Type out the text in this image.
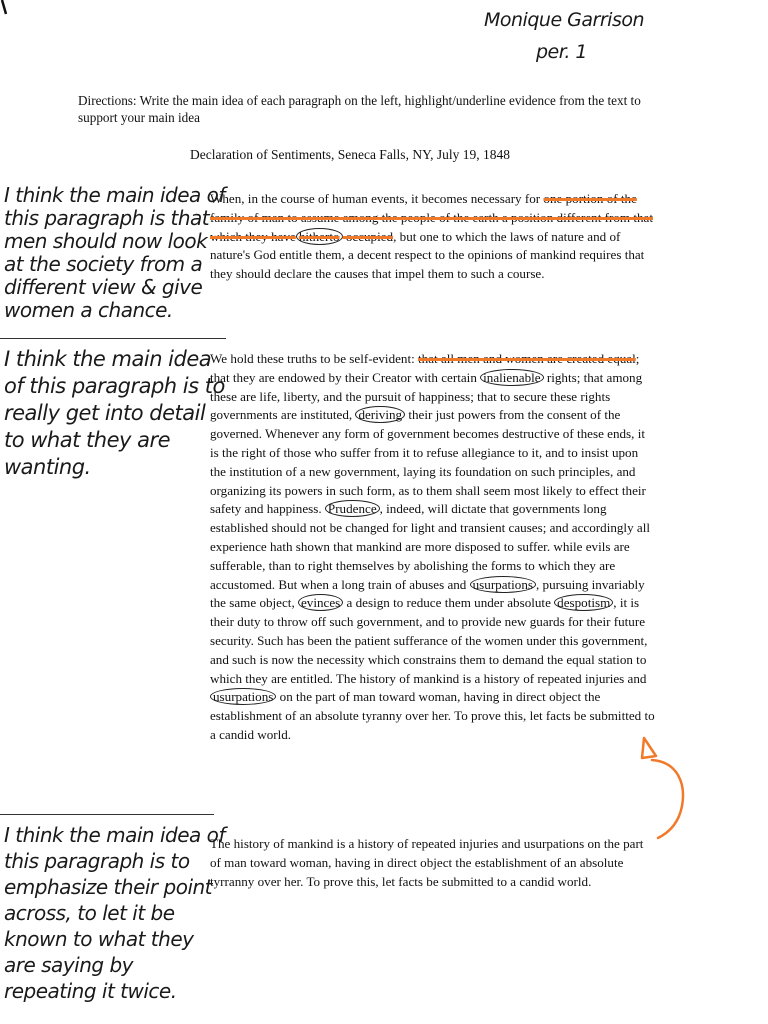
Monique Garrison
per. 1
Directions: Write the main idea of each paragraph on the left, highlight/underline evidence from the text to support your main idea
Declaration of Sentiments, Seneca Falls, NY, July 19, 1848
When, in the course of human events, it becomes necessary for one portion of the family of man to assume among the people of the earth a position different from that which they have hitherto occupied, but one to which the laws of nature and of nature's God entitle them, a decent respect to the opinions of mankind requires that they should declare the causes that impel them to such a course.
We hold these truths to be self-evident: that all men and women are created equal; that they are endowed by their Creator with certain inalienable rights; that among these are life, liberty, and the pursuit of happiness; that to secure these rights governments are instituted, deriving their just powers from the consent of the governed. Whenever any form of government becomes destructive of these ends, it is the right of those who suffer from it to refuse allegiance to it, and to insist upon the institution of a new government, laying its foundation on such principles, and organizing its powers in such form, as to them shall seem most likely to effect their safety and happiness. Prudence , indeed, will dictate that governments long established should not be changed for light and transient causes; and accordingly all experience hath shown that mankind are more disposed to suffer. while evils are sufferable, than to right themselves by abolishing the forms to which they are accustomed. But when a long train of abuses and usurpations , pursuing invariably the same object, evinces a design to reduce them under absolute despotism , it is their duty to throw off such government, and to provide new guards for their future security. Such has been the patient sufferance of the women under this government, and such is now the necessity which constrains them to demand the equal station to which they are entitled. The history of mankind is a history of repeated injuries and usurpations on the part of man toward woman, having in direct object the establishment of an absolute tyranny over her. To prove this, let facts be submitted to a candid world.
The history of mankind is a history of repeated injuries and usurpations on the part of man toward woman, having in direct object the establishment of an absolute tyrranny over her. To prove this, let facts be submitted to a candid world.
I think the main idea of this paragraph is that men should now look at the society from a different view & give women a chance.
I think the main idea of this paragraph is to really get into detail to what they are wanting.
I think the main idea of this paragraph is to emphasize their point across, to let it be known to what they are saying by repeating it twice.
